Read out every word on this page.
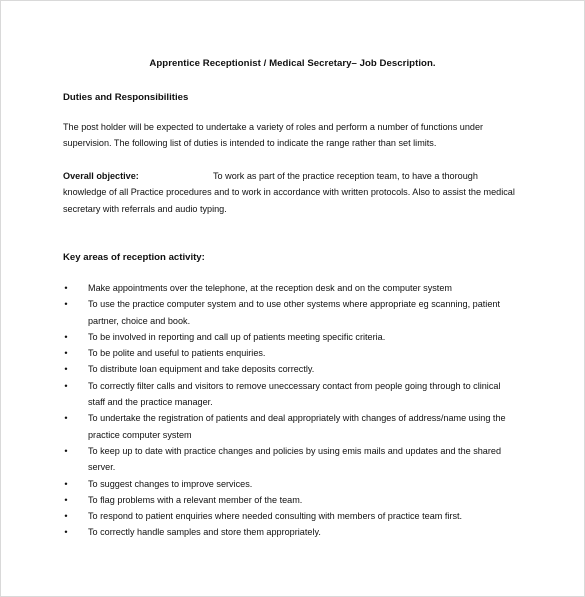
Apprentice Receptionist / Medical Secretary– Job Description.
Duties and Responsibilities
The post holder will be expected to undertake a variety of roles and perform a number of functions under
supervision. The following list of duties is intended to indicate the range rather than set limits.
Overall objective:	To work as part of the practice reception team, to have a thorough
knowledge of all Practice procedures and to work in accordance with written protocols. Also to assist the medical
secretary with referrals and audio typing.
Key areas of reception activity:
• Make appointments over the telephone, at the reception desk and on the computer system
• To use the practice computer system and to use other systems where appropriate eg scanning, patient
partner, choice and book.
• To be involved in reporting and call up of patients meeting specific criteria.
• To be polite and useful to patients enquiries.
• To distribute loan equipment and take deposits correctly.
• To correctly filter calls and visitors to remove uneccessary contact from people going through to clinical
staff and the practice manager.
• To undertake the registration of patients and deal appropriately with changes of address/name using the
practice computer system
• To keep up to date with practice changes and policies by using emis mails and updates and the shared
server.
• To suggest changes to improve services.
• To flag problems with a relevant member of the team.
• To respond to patient enquiries where needed consulting with members of practice team first.
• To correctly handle samples and store them appropriately.
